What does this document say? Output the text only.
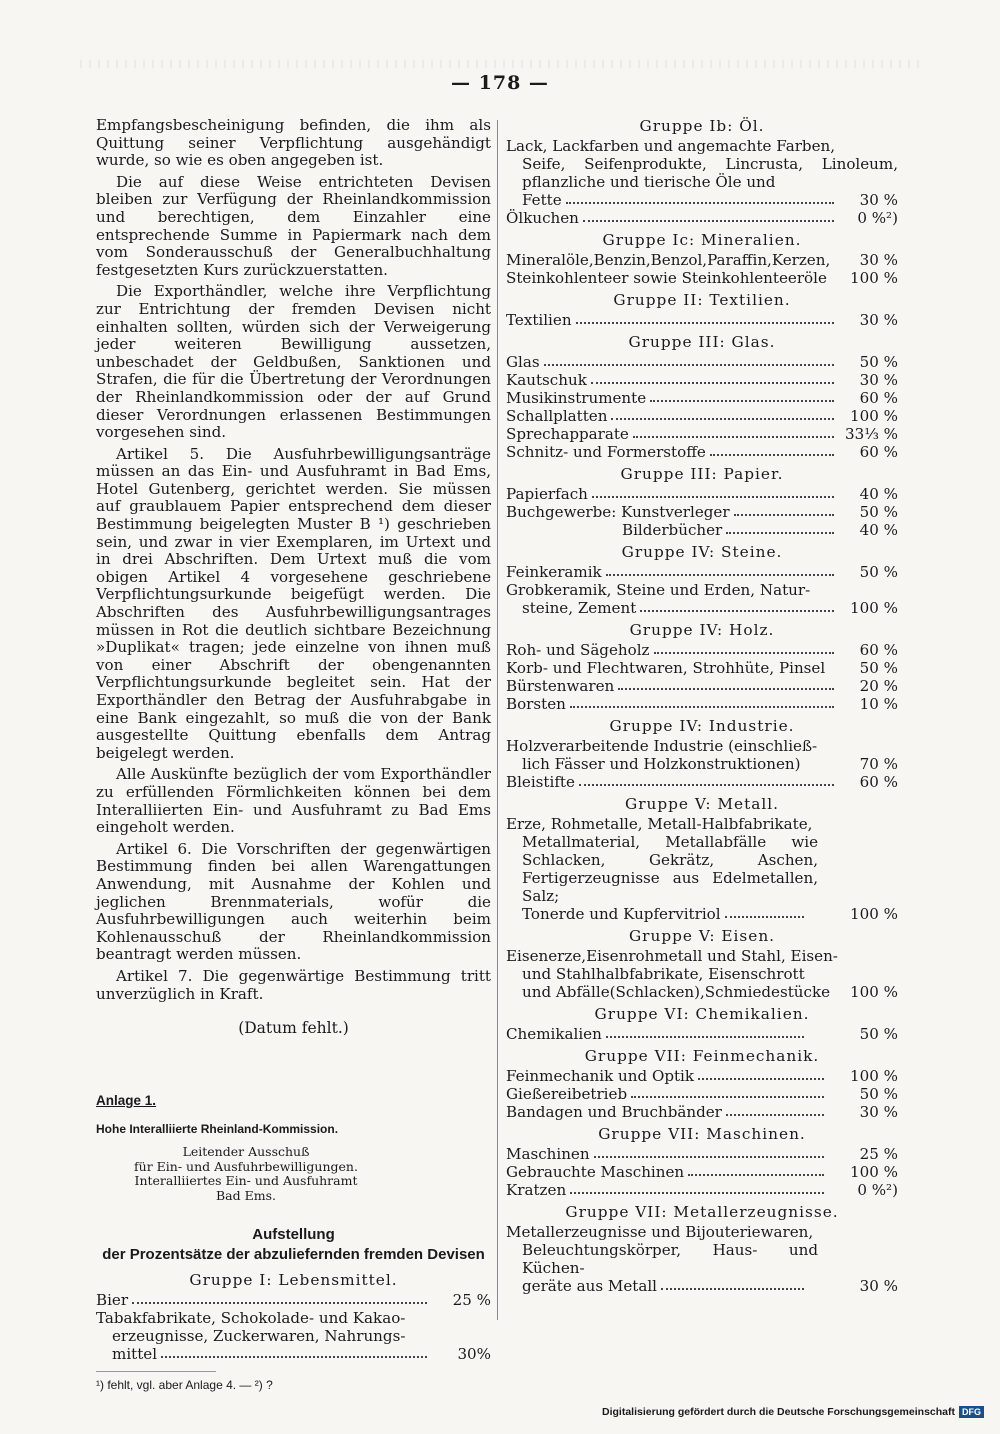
— 178 —

Empfangsbescheinigung befinden, die ihm als Quittung seiner Verpflichtung ausgehändigt wurde, so wie es oben angegeben ist.

Die auf diese Weise entrichteten Devisen bleiben zur Verfügung der Rheinlandkommission und berechtigen, dem Einzahler eine entsprechende Summe in Papiermark nach dem vom Sonderausschuß der Generalbuchhaltung festgesetzten Kurs zurückzuerstatten.

Die Exporthändler, welche ihre Verpflichtung zur Entrichtung der fremden Devisen nicht einhalten sollten, würden sich der Verweigerung jeder weiteren Bewilligung aussetzen, unbeschadet der Geldbußen, Sanktionen und Strafen, die für die Übertretung der Verordnungen der Rheinlandkommission oder der auf Grund dieser Verordnungen erlassenen Bestimmungen vorgesehen sind.

Artikel 5. Die Ausfuhrbewilligungsanträge müssen an das Ein- und Ausfuhramt in Bad Ems, Hotel Gutenberg, gerichtet werden. Sie müssen auf graublauem Papier entsprechend dem dieser Bestimmung beigelegten Muster B ¹) geschrieben sein, und zwar in vier Exemplaren, im Urtext und in drei Abschriften. Dem Urtext muß die vom obigen Artikel 4 vorgesehene geschriebene Verpflichtungsurkunde beigefügt werden. Die Abschriften des Ausfuhrbewilligungsantrages müssen in Rot die deutlich sichtbare Bezeichnung »Duplikat« tragen; jede einzelne von ihnen muß von einer Abschrift der obengenannten Verpflichtungsurkunde begleitet sein. Hat der Exporthändler den Betrag der Ausfuhrabgabe in eine Bank eingezahlt, so muß die von der Bank ausgestellte Quittung ebenfalls dem Antrag beigelegt werden.

Alle Auskünfte bezüglich der vom Exporthändler zu erfüllenden Förmlichkeiten können bei dem Interalliierten Ein- und Ausfuhramt zu Bad Ems eingeholt werden.

Artikel 6. Die Vorschriften der gegenwärtigen Bestimmung finden bei allen Warengattungen Anwendung, mit Ausnahme der Kohlen und jeglichen Brennmaterials, wofür die Ausfuhrbewilligungen auch weiterhin beim Kohlenausschuß der Rheinlandkommission beantragt werden müssen.

Artikel 7. Die gegenwärtige Bestimmung tritt unverzüglich in Kraft.

(Datum fehlt.)

Anlage 1.

Hohe Interalliierte Rheinland-Kommission.
Leitender Ausschuß
für Ein- und Ausfuhrbewilligungen.
Interalliiertes Ein- und Ausfuhramt
Bad Ems.
Aufstellung
der Prozentsätze der abzuliefernden fremden Devisen
Gruppe I: Lebensmittel.
Bier	25 %
Tabakfabrikate, Schokolade- und Kakao-
erzeugnisse, Zuckerwaren, Nahrungs-
mittel	30%
¹) fehlt, vgl. aber Anlage 4. — ²) ?
Gruppe Ib: Öl.
Lack, Lackfarben und angemachte Farben,
Seife, Seifenprodukte, Lincrusta, Linoleum, pflanzliche und tierische Öle und
Fette	30 %
Ölkuchen	0 %²)
Gruppe Ic: Mineralien.
Mineralöle,Benzin,Benzol,Paraffin,Kerzen,	30 %
Steinkohlenteer sowie Steinkohlenteeröle	100 %
Gruppe II: Textilien.
Textilien	30 %
Gruppe III: Glas.
Glas	50 %
Kautschuk	30 %
Musikinstrumente	60 %
Schallplatten	100 %
Sprechapparate	33⅓ %
Schnitz- und Formerstoffe	60 %
Gruppe III: Papier.
Papierfach	40 %
Buchgewerbe: Kunstverleger	50 %
Bilderbücher	40 %
Gruppe IV: Steine.
Feinkeramik	50 %
Grobkeramik, Steine und Erden, Natur-
steine, Zement	100 %
Gruppe IV: Holz.
Roh- und Sägeholz	60 %
Korb- und Flechtwaren, Strohhüte, Pinsel	50 %
Bürstenwaren	20 %
Borsten	10 %
Gruppe IV: Industrie.
Holzverarbeitende Industrie (einschließ-
lich Fässer und Holzkonstruktionen)	70 %
Bleistifte	60 %
Gruppe V: Metall.
Erze, Rohmetalle, Metall-Halbfabrikate,
Metallmaterial, Metallabfälle wie Schlacken, Gekrätz, Aschen, Fertigerzeugnisse aus Edelmetallen, Salz;
Tonerde und Kupfervitriol	100 %
Gruppe V: Eisen.
Eisenerze,Eisenrohmetall und Stahl, Eisen-
und Stahlhalbfabrikate, Eisenschrott
und Abfälle(Schlacken),Schmiedestücke	100 %
Gruppe VI: Chemikalien.
Chemikalien	50 %
Gruppe VII: Feinmechanik.
Feinmechanik und Optik	100 %
Gießereibetrieb	50 %
Bandagen und Bruchbänder	30 %
Gruppe VII: Maschinen.
Maschinen	25 %
Gebrauchte Maschinen	100 %
Kratzen	0 %²)
Gruppe VII: Metallerzeugnisse.
Metallerzeugnisse und Bijouteriewaren,
Beleuchtungskörper, Haus- und Küchen-
geräte aus Metall	30 %
Digitalisierung gefördert durch die Deutsche Forschungsgemeinschaft DFG
